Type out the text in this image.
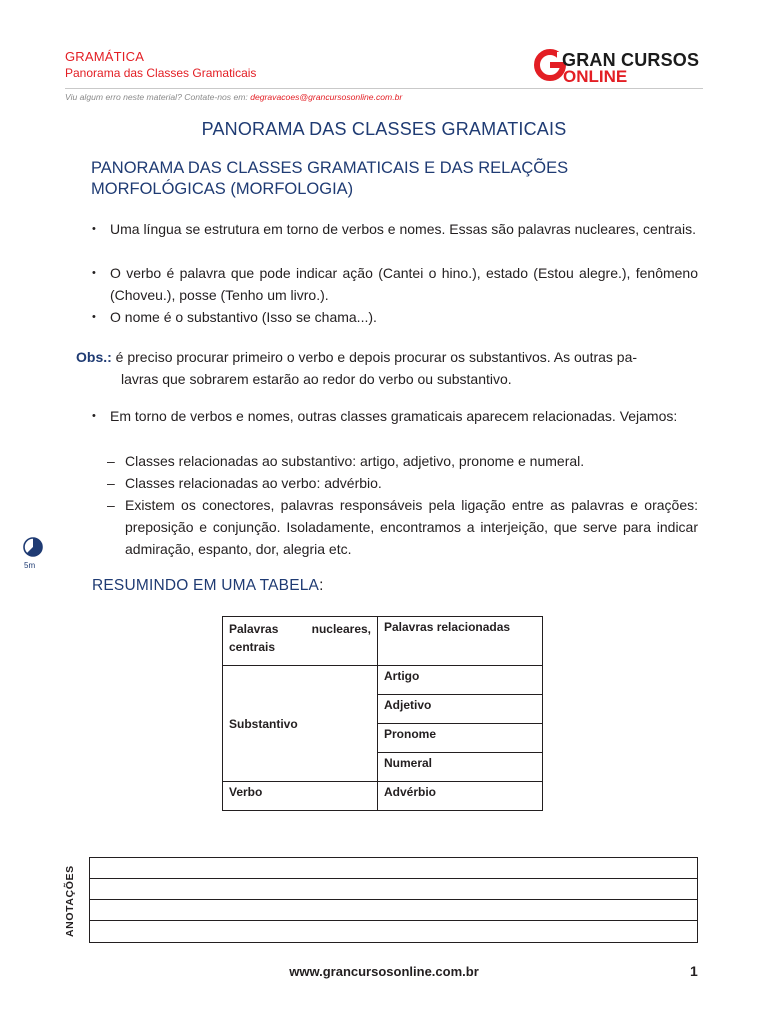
GRAMÁTICA
Panorama das Classes Gramaticais
GRAN CURSOS
ONLINE
Viu algum erro neste material? Contate-nos em: degravacoes@grancursosonline.com.br
PANORAMA DAS CLASSES GRAMATICAIS
PANORAMA DAS CLASSES GRAMATICAIS E DAS RELAÇÕES MORFOLÓGICAS (MORFOLOGIA)
• Uma língua se estrutura em torno de verbos e nomes. Essas são palavras nucleares, centrais.
• O verbo é palavra que pode indicar ação (Cantei o hino.), estado (Estou alegre.), fenômeno (Choveu.), posse (Tenho um livro.).
• O nome é o substantivo (Isso se chama...).
Obs.: é preciso procurar primeiro o verbo e depois procurar os substantivos. As outras pa-
lavras que sobrarem estarão ao redor do verbo ou substantivo.
• Em torno de verbos e nomes, outras classes gramaticais aparecem relacionadas. Vejamos:
– Classes relacionadas ao substantivo: artigo, adjetivo, pronome e numeral.
– Classes relacionadas ao verbo: advérbio.
– Existem os conectores, palavras responsáveis pela ligação entre as palavras e orações: preposição e conjunção. Isoladamente, encontramos a interjeição, que serve para indicar admiração, espanto, dor, alegria etc.
5m
RESUMINDO EM UMA TABELA:
Palavras nucleares, centrais	Palavras relacionadas
Substantivo	Artigo
	Adjetivo
	Pronome
	Numeral
Verbo	Advérbio
ANOTAÇÕES
www.grancursosonline.com.br	1
